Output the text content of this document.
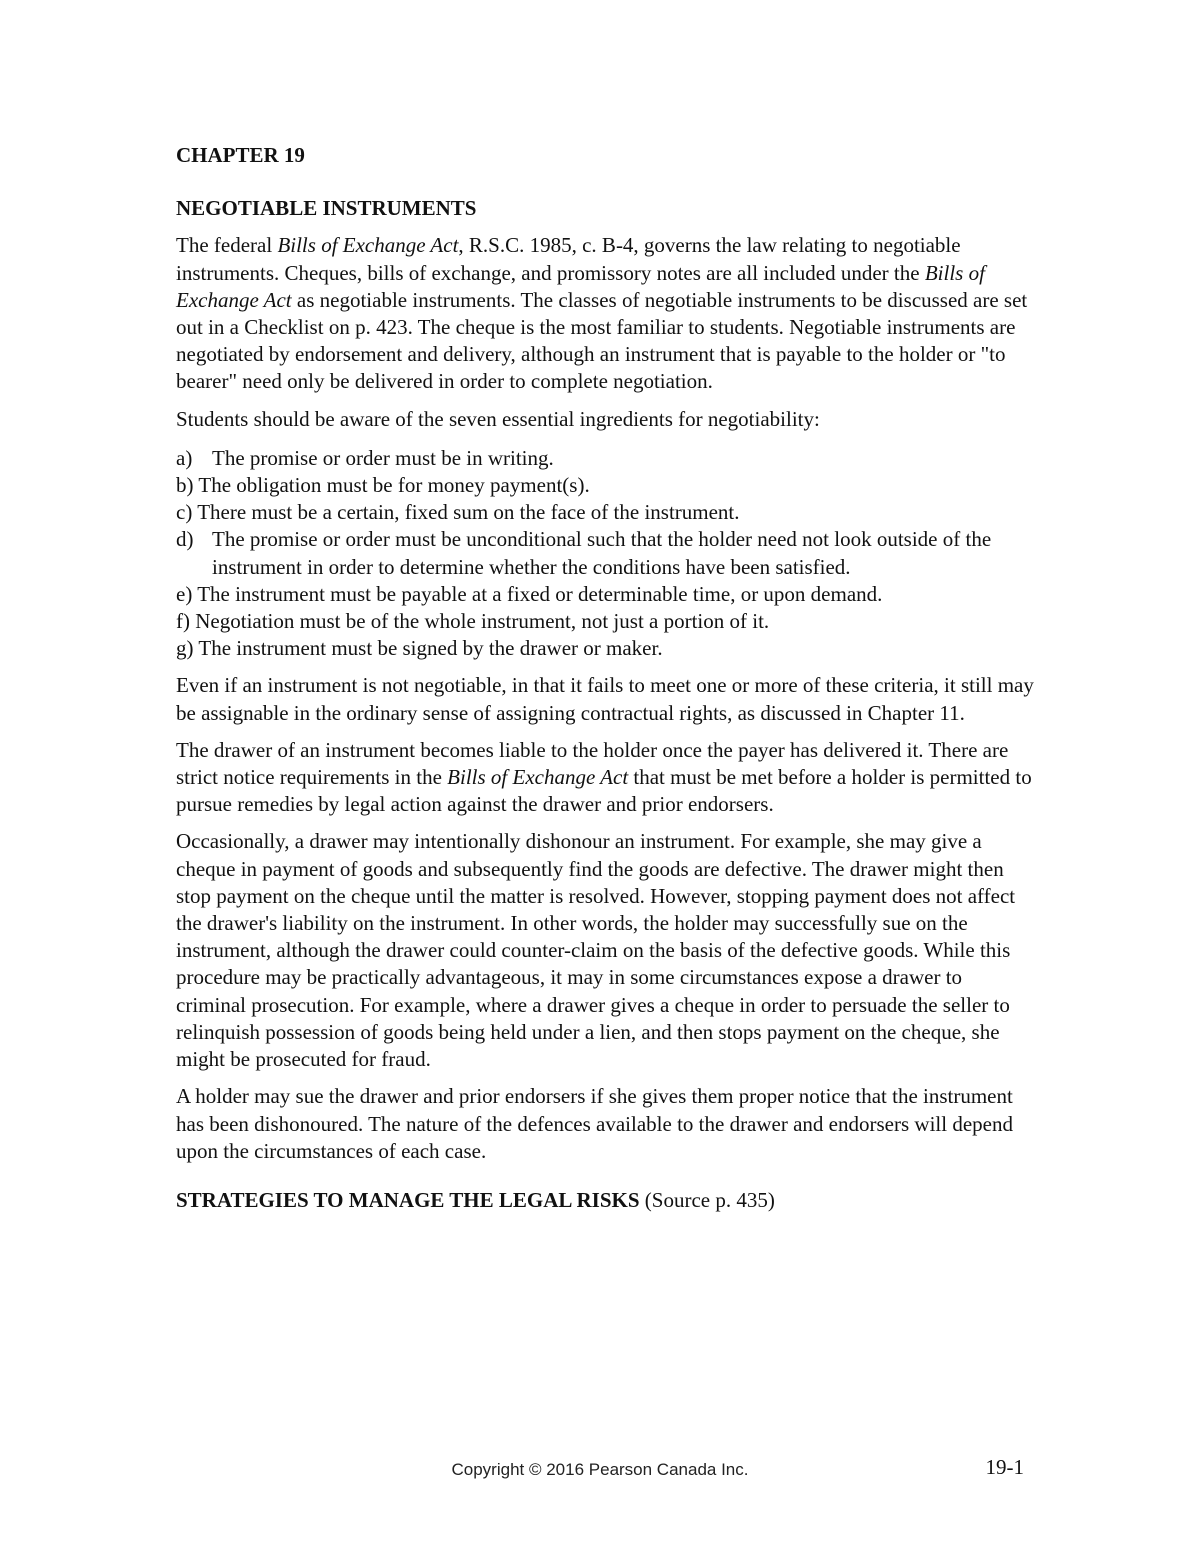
CHAPTER 19
NEGOTIABLE INSTRUMENTS

The federal Bills of Exchange Act, R.S.C. 1985, c. B-4, governs the law relating to negotiable instruments. Cheques, bills of exchange, and promissory notes are all included under the Bills of Exchange Act as negotiable instruments. The classes of negotiable instruments to be discussed are set out in a Checklist on p. 423. The cheque is the most familiar to students. Negotiable instruments are negotiated by endorsement and delivery, although an instrument that is payable to the holder or "to bearer" need only be delivered in order to complete negotiation.

Students should be aware of the seven essential ingredients for negotiability:

a) The promise or order must be in writing.
b) The obligation must be for money payment(s).
c) There must be a certain, fixed sum on the face of the instrument.
d) The promise or order must be unconditional such that the holder need not look outside of the instrument in order to determine whether the conditions have been satisfied.
e) The instrument must be payable at a fixed or determinable time, or upon demand.
f) Negotiation must be of the whole instrument, not just a portion of it.
g) The instrument must be signed by the drawer or maker.

Even if an instrument is not negotiable, in that it fails to meet one or more of these criteria, it still may be assignable in the ordinary sense of assigning contractual rights, as discussed in Chapter 11.

The drawer of an instrument becomes liable to the holder once the payer has delivered it. There are strict notice requirements in the Bills of Exchange Act that must be met before a holder is permitted to pursue remedies by legal action against the drawer and prior endorsers.

Occasionally, a drawer may intentionally dishonour an instrument. For example, she may give a cheque in payment of goods and subsequently find the goods are defective. The drawer might then stop payment on the cheque until the matter is resolved. However, stopping payment does not affect the drawer's liability on the instrument. In other words, the holder may successfully sue on the instrument, although the drawer could counter-claim on the basis of the defective goods. While this procedure may be practically advantageous, it may in some circumstances expose a drawer to criminal prosecution. For example, where a drawer gives a cheque in order to persuade the seller to relinquish possession of goods being held under a lien, and then stops payment on the cheque, she might be prosecuted for fraud.

A holder may sue the drawer and prior endorsers if she gives them proper notice that the instrument has been dishonoured. The nature of the defences available to the drawer and endorsers will depend upon the circumstances of each case.

STRATEGIES TO MANAGE THE LEGAL RISKS (Source p. 435)

Copyright © 2016 Pearson Canada Inc.	19-1
